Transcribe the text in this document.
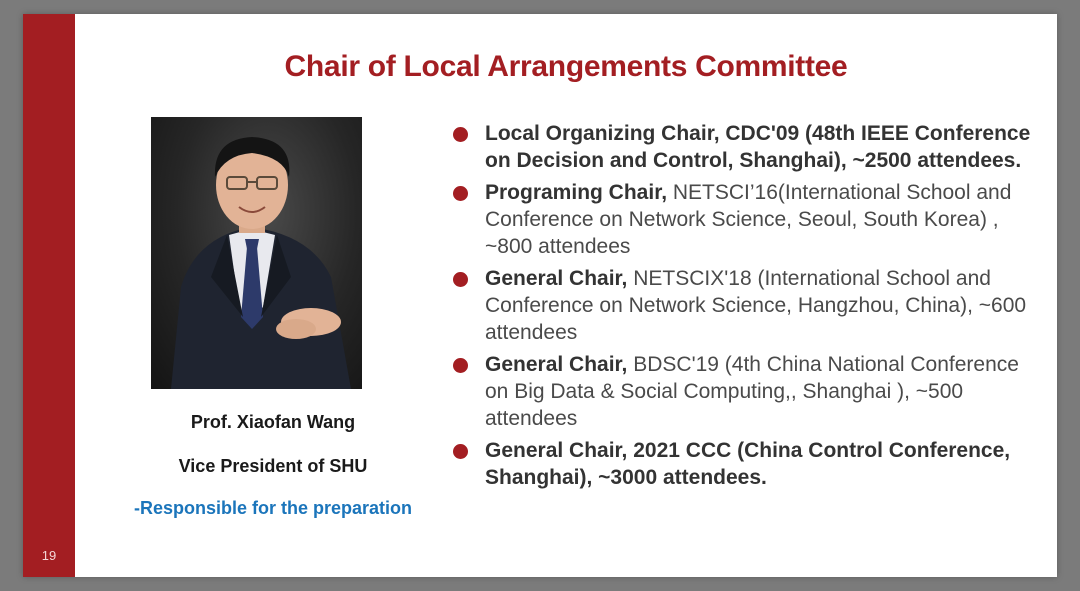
19
Chair of Local Arrangements Committee
Prof. Xiaofan Wang
Vice President of SHU
-Responsible for the preparation
Local Organizing Chair, CDC'09 (48th IEEE Conference on Decision and Control, Shanghai), ~2500 attendees.
Programing Chair, NETSCI’16(International School and Conference on Network Science, Seoul, South Korea) , ~800 attendees
General Chair, NETSCIX'18 (International School and Conference on Network Science, Hangzhou, China), ~600 attendees
General Chair, BDSC'19 (4th China National Conference on Big Data & Social Computing,, Shanghai ), ~500 attendees
General Chair, 2021 CCC (China Control Conference, Shanghai), ~3000 attendees.
